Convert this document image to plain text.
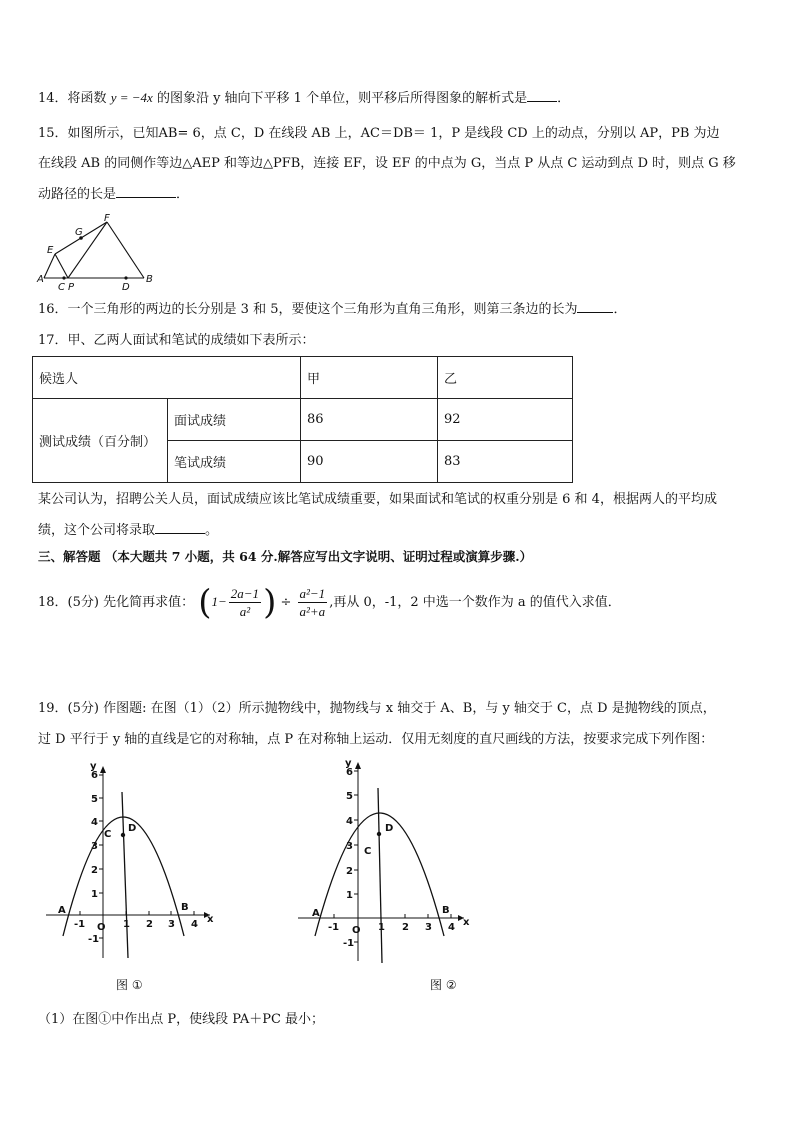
14．将函数 y = −4x 的图象沿 y 轴向下平移 1 个单位，则平移后所得图象的解析式是 ．
15．如图所示，已知AB= 6，点 C，D 在线段 AB 上，AC＝DB＝ 1，P 是线段 CD 上的动点，分别以 AP，PB 为边
在线段 AB 的同侧作等边△AEP 和等边△PFB，连接 EF，设 EF 的中点为 G，当点 P 从点 C 运动到点 D 时，则点 G 移
动路径的长是	．
F
E
G
A
C P	D
B
16．一个三角形的两边的长分别是 3 和 5，要使这个三角形为直角三角形，则第三条边的长为	．
17．甲、乙两人面试和笔试的成绩如下表所示：
候选人		甲	乙
测试成绩（百分制）	面试成绩	86	92
	笔试成绩	90	83
某公司认为，招聘公关人员，面试成绩应该比笔试成绩重要，如果面试和笔试的权重分别是 6 和 4，根据两人的平均成
绩，这个公司将录取	。
三、解答题 （本大题共 7 小题，共 64 分.解答应写出文字说明、证明过程或演算步骤.）
18．(5分) 先化简再求值： ($1- \frac{2a-1}{\text{a²}}$ ) ÷ $\frac{\text{a²−1}}{\text{a²+a}}$ ,再从 0，-1，2 中选一个数作为 a 的值代入求值．
19．(5分) 作图题: 在图（1）（2）所示抛物线中，抛物线与 x 轴交于 A、B，与 y 轴交于 C，点 D 是抛物线的顶点，
过 D 平行于 y 轴的直线是它的对称轴，点 P 在对称轴上运动．仅用无刻度的直尺画线的方法，按要求完成下列作图：
y
x
O
6
5
4
3
2
1
-1
-1	1 2 3 4
A	B
C
D
图 ①
y
x
O
6
5
4
3
2
1
-1
-1	1 2 3 4
A	B
C
D
图 ②
（1）在图①中作出点 P，使线段 PA＋PC 最小；
